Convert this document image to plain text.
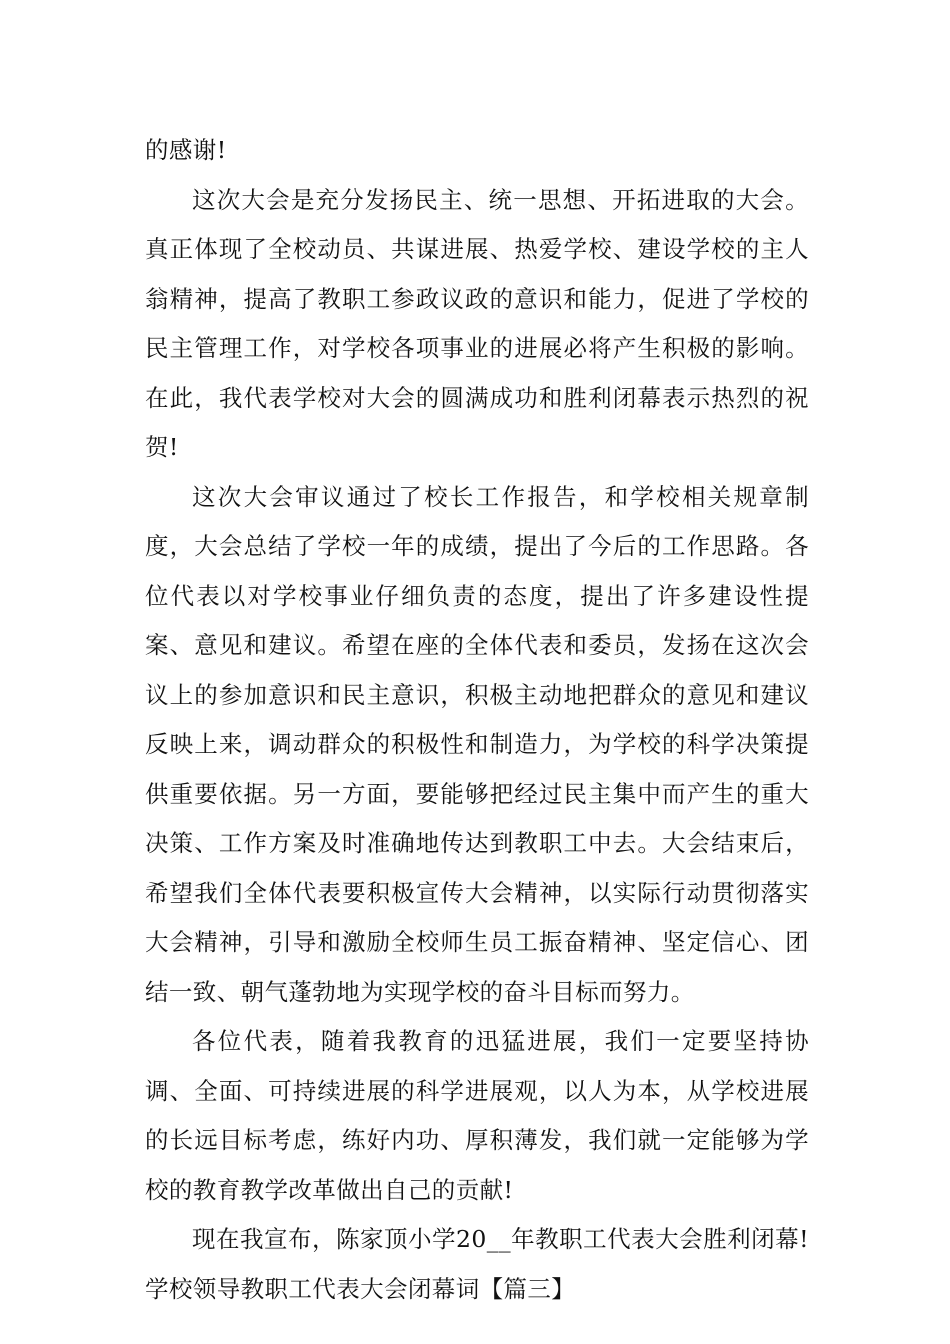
的感谢!

这次大会是充分发扬民主、统一思想、开拓进取的大会。真正体现了全校动员、共谋进展、热爱学校、建设学校的主人翁精神，提高了教职工参政议政的意识和能力，促进了学校的民主管理工作，对学校各项事业的进展必将产生积极的影响。在此，我代表学校对大会的圆满成功和胜利闭幕表示热烈的祝贺!

这次大会审议通过了校长工作报告，和学校相关规章制度，大会总结了学校一年的成绩，提出了今后的工作思路。各位代表以对学校事业仔细负责的态度，提出了许多建设性提案、意见和建议。希望在座的全体代表和委员，发扬在这次会议上的参加意识和民主意识，积极主动地把群众的意见和建议反映上来，调动群众的积极性和制造力，为学校的科学决策提供重要依据。另一方面，要能够把经过民主集中而产生的重大决策、工作方案及时准确地传达到教职工中去。大会结束后，希望我们全体代表要积极宣传大会精神，以实际行动贯彻落实大会精神，引导和激励全校师生员工振奋精神、坚定信心、团结一致、朝气蓬勃地为实现学校的奋斗目标而努力。

各位代表，随着我教育的迅猛进展，我们一定要坚持协调、全面、可持续进展的科学进展观，以人为本，从学校进展的长远目标考虑，练好内功、厚积薄发，我们就一定能够为学校的教育教学改革做出自己的贡献!

现在我宣布，陈家顶小学20__年教职工代表大会胜利闭幕!学校领导教职工代表大会闭幕词【篇三】
